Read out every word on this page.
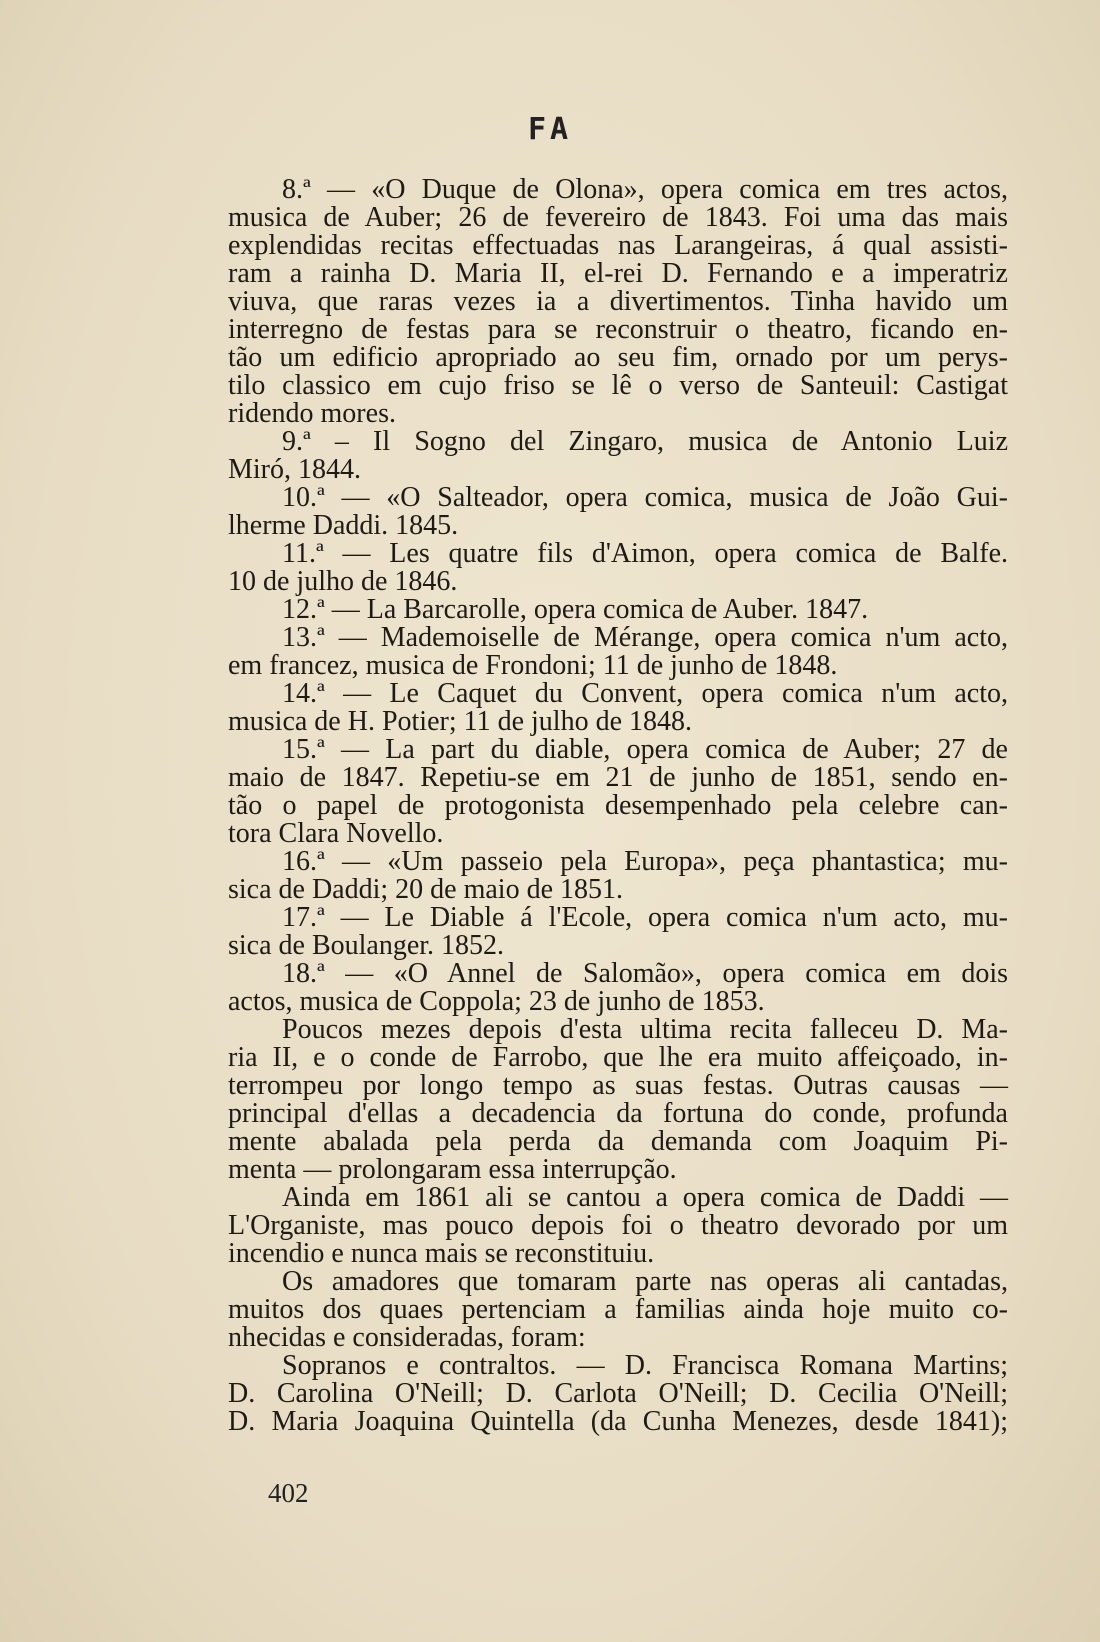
FA
8.ª — «O Duque de Olona», opera comica em tres actos,
musica de Auber; 26 de fevereiro de 1843. Foi uma das mais
explendidas recitas effectuadas nas Larangeiras, á qual assisti-
ram a rainha D. Maria II, el-rei D. Fernando e a imperatriz
viuva, que raras vezes ia a divertimentos. Tinha havido um
interregno de festas para se reconstruir o theatro, ficando en-
tão um edificio apropriado ao seu fim, ornado por um perys-
tilo classico em cujo friso se lê o verso de Santeuil: Castigat
ridendo mores.
9.ª – Il Sogno del Zingaro, musica de Antonio Luiz
Miró, 1844.
10.ª — «O Salteador, opera comica, musica de João Gui-
lherme Daddi. 1845.
11.ª — Les quatre fils d'Aimon, opera comica de Balfe.
10 de julho de 1846.
12.ª — La Barcarolle, opera comica de Auber. 1847.
13.ª — Mademoiselle de Mérange, opera comica n'um acto,
em francez, musica de Frondoni; 11 de junho de 1848.
14.ª — Le Caquet du Convent, opera comica n'um acto,
musica de H. Potier; 11 de julho de 1848.
15.ª — La part du diable, opera comica de Auber; 27 de
maio de 1847. Repetiu-se em 21 de junho de 1851, sendo en-
tão o papel de protogonista desempenhado pela celebre can-
tora Clara Novello.
16.ª — «Um passeio pela Europa», peça phantastica; mu-
sica de Daddi; 20 de maio de 1851.
17.ª — Le Diable á l'Ecole, opera comica n'um acto, mu-
sica de Boulanger. 1852.
18.ª — «O Annel de Salomão», opera comica em dois
actos, musica de Coppola; 23 de junho de 1853.
Poucos mezes depois d'esta ultima recita falleceu D. Ma-
ria II, e o conde de Farrobo, que lhe era muito affeiçoado, in-
terrompeu por longo tempo as suas festas. Outras causas —
principal d'ellas a decadencia da fortuna do conde, profunda
mente abalada pela perda da demanda com Joaquim Pi-
menta — prolongaram essa interrupção.
Ainda em 1861 ali se cantou a opera comica de Daddi —
L'Organiste, mas pouco depois foi o theatro devorado por um
incendio e nunca mais se reconstituiu.
Os amadores que tomaram parte nas operas ali cantadas,
muitos dos quaes pertenciam a familias ainda hoje muito co-
nhecidas e consideradas, foram:
Sopranos e contraltos. — D. Francisca Romana Martins;
D. Carolina O'Neill; D. Carlota O'Neill; D. Cecilia O'Neill;
D. Maria Joaquina Quintella (da Cunha Menezes, desde 1841);
402
